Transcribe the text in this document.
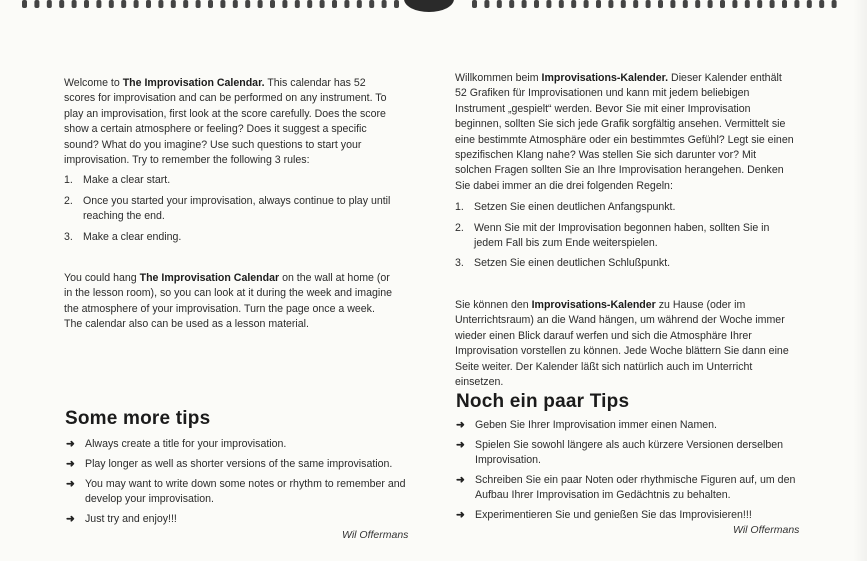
Welcome to The Improvisation Calendar. This calendar has 52 scores for improvisation and can be performed on any instrument. To play an improvisation, first look at the score carefully. Does the score show a certain atmosphere or feeling? Does it suggest a specific sound? What do you imagine? Use such questions to start your improvisation. Try to remember the following 3 rules:

1. Make a clear start.
2. Once you started your improvisation, always continue to play until reaching the end.
3. Make a clear ending.

You could hang The Improvisation Calendar on the wall at home (or in the lesson room), so you can look at it during the week and imagine the atmosphere of your improvisation. Turn the page once a week. The calendar also can be used as a lesson material.

Some more tips
➜ Always create a title for your improvisation.
➜ Play longer as well as shorter versions of the same improvisation.
➜ You may want to write down some notes or rhythm to remember and develop your improvisation.
➜ Just try and enjoy!!!
Wil Offermans

Willkommen beim Improvisations-Kalender. Dieser Kalender enthält 52 Grafiken für Improvisationen und kann mit jedem beliebigen Instrument „gespielt“ werden. Bevor Sie mit einer Improvisation beginnen, sollten Sie sich jede Grafik sorgfältig ansehen. Vermittelt sie eine bestimmte Atmosphäre oder ein bestimmtes Gefühl? Legt sie einen spezifischen Klang nahe? Was stellen Sie sich darunter vor? Mit solchen Fragen sollten Sie an Ihre Improvisation herangehen. Denken Sie dabei immer an die drei folgenden Regeln:

1. Setzen Sie einen deutlichen Anfangspunkt.
2. Wenn Sie mit der Improvisation begonnen haben, sollten Sie in jedem Fall bis zum Ende weiterspielen.
3. Setzen Sie einen deutlichen Schlußpunkt.

Sie können den Improvisations-Kalender zu Hause (oder im Unterrichtsraum) an die Wand hängen, um während der Woche immer wieder einen Blick darauf werfen und sich die Atmosphäre Ihrer Improvisation vorstellen zu können. Jede Woche blättern Sie dann eine Seite weiter. Der Kalender läßt sich natürlich auch im Unterricht einsetzen.

Noch ein paar Tips
➜ Geben Sie Ihrer Improvisation immer einen Namen.
➜ Spielen Sie sowohl längere als auch kürzere Versionen derselben Improvisation.
➜ Schreiben Sie ein paar Noten oder rhythmische Figuren auf, um den Aufbau Ihrer Improvisation im Gedächtnis zu behalten.
➜ Experimentieren Sie und genießen Sie das Improvisieren!!!
Wil Offermans
